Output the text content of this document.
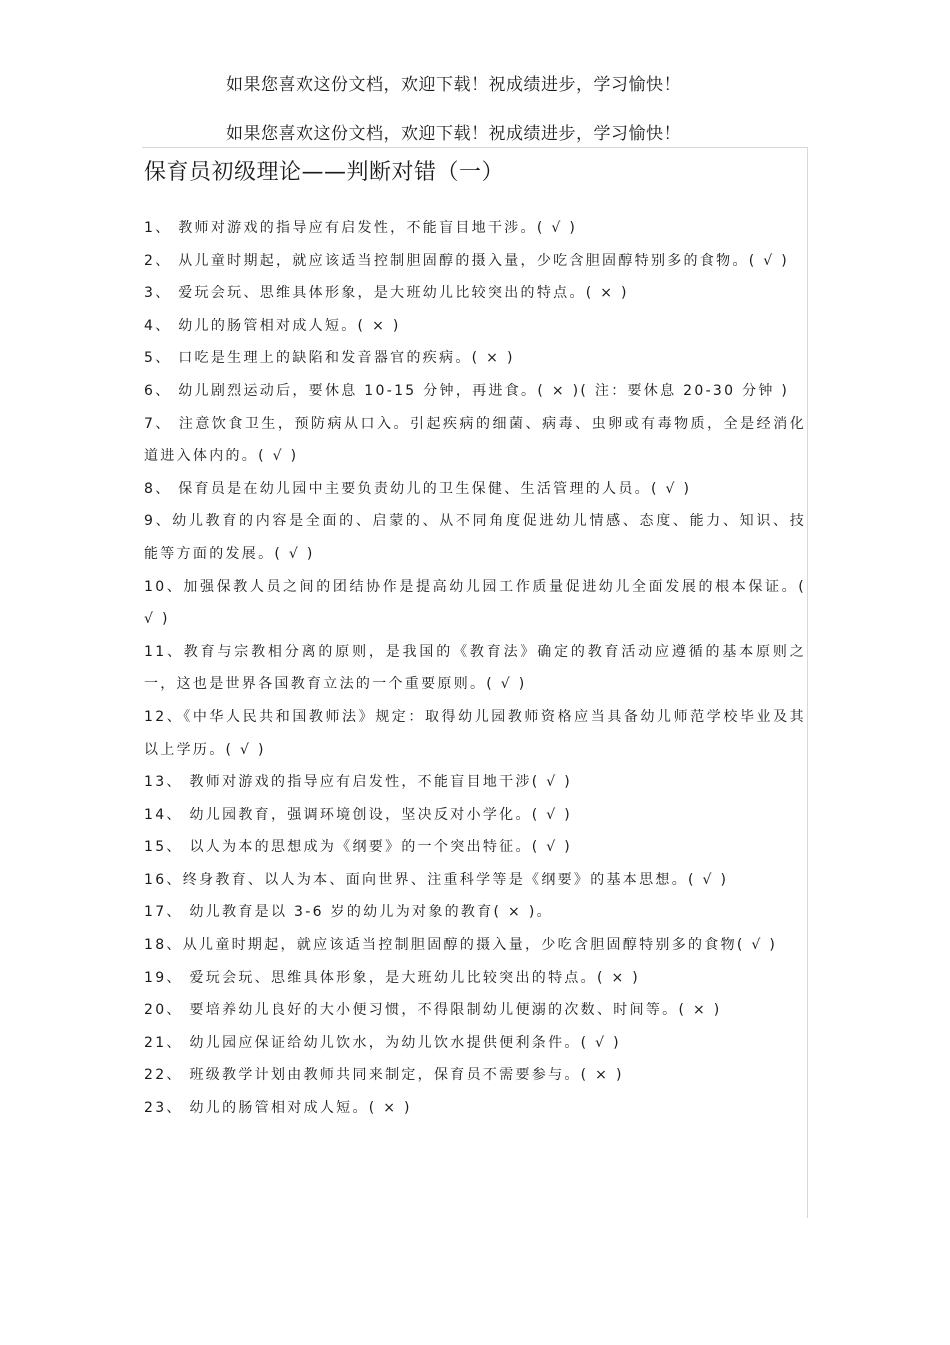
如果您喜欢这份文档，欢迎下载！祝成绩进步，学习愉快！
如果您喜欢这份文档，欢迎下载！祝成绩进步，学习愉快！
保育员初级理论——判断对错（一）
1、 教师对游戏的指导应有启发性，不能盲目地干涉。( √ )
2、 从儿童时期起，就应该适当控制胆固醇的摄入量，少吃含胆固醇特别多的食物。( √ )
3、 爱玩会玩、思维具体形象，是大班幼儿比较突出的特点。( × )
4、 幼儿的肠管相对成人短。( × )
5、 口吃是生理上的缺陷和发音器官的疾病。( × )
6、 幼儿剧烈运动后，要休息 10-15 分钟，再进食。( × )( 注：要休息 20-30 分钟 )
7、 注意饮食卫生，预防病从口入。引起疾病的细菌、病毒、虫卵或有毒物质，全是经消化道进入体内的。( √ )
8、 保育员是在幼儿园中主要负责幼儿的卫生保健、生活管理的人员。( √ )
9、幼儿教育的内容是全面的、启蒙的、从不同角度促进幼儿情感、态度、能力、知识、技能等方面的发展。( √ )
10、加强保教人员之间的团结协作是提高幼儿园工作质量促进幼儿全面发展的根本保证。( √ )
11、教育与宗教相分离的原则，是我国的《教育法》确定的教育活动应遵循的基本原则之一，这也是世界各国教育立法的一个重要原则。( √ )
12、《中华人民共和国教师法》规定：取得幼儿园教师资格应当具备幼儿师范学校毕业及其以上学历。( √ )
13、 教师对游戏的指导应有启发性，不能盲目地干涉( √ )
14、 幼儿园教育，强调环境创设，坚决反对小学化。( √ )
15、 以人为本的思想成为《纲要》的一个突出特征。( √ )
16、终身教育、以人为本、面向世界、注重科学等是《纲要》的基本思想。( √ )
17、 幼儿教育是以 3-6 岁的幼儿为对象的教育( × )。
18、从儿童时期起，就应该适当控制胆固醇的摄入量，少吃含胆固醇特别多的食物( √ )
19、 爱玩会玩、思维具体形象，是大班幼儿比较突出的特点。( × )
20、 要培养幼儿良好的大小便习惯，不得限制幼儿便溺的次数、时间等。( × )
21、 幼儿园应保证给幼儿饮水，为幼儿饮水提供便利条件。( √ )
22、 班级教学计划由教师共同来制定，保育员不需要参与。( × )
23、 幼儿的肠管相对成人短。( × )
